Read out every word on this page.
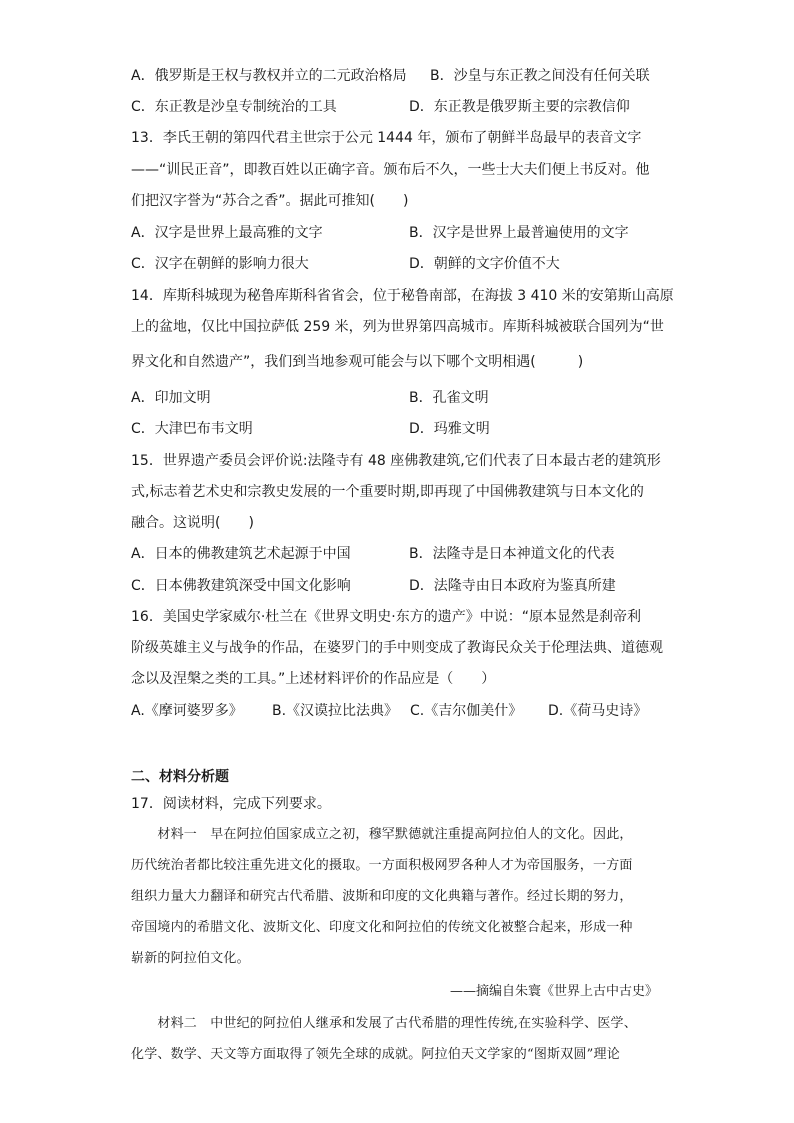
A．俄罗斯是王权与教权并立的二元政治格局 B．沙皇与东正教之间没有任何关联
C．东正教是沙皇专制统治的工具	D．东正教是俄罗斯主要的宗教信仰
13．李氏王朝的第四代君主世宗于公元 1444 年，颁布了朝鲜半岛最早的表音文字
——“训民正音”，即教百姓以正确字音。颁布后不久，一些士大夫们便上书反对。他
们把汉字誉为“苏合之香”。据此可推知(　　)
A．汉字是世界上最高雅的文字	B．汉字是世界上最普遍使用的文字
C．汉字在朝鲜的影响力很大	D．朝鲜的文字价值不大
14．库斯科城现为秘鲁库斯科省省会，位于秘鲁南部，在海拔 3 410 米的安第斯山高原
上的盆地，仅比中国拉萨低 259 米，列为世界第四高城市。库斯科城被联合国列为“世
界文化和自然遗产”，我们到当地参观可能会与以下哪个文明相遇(　　　)
A．印加文明	B．孔雀文明
C．大津巴布韦文明	D．玛雅文明
15．世界遗产委员会评价说:法隆寺有 48 座佛教建筑,它们代表了日本最古老的建筑形
式,标志着艺术史和宗教史发展的一个重要时期,即再现了中国佛教建筑与日本文化的
融合。这说明(　　)
A．日本的佛教建筑艺术起源于中国	B．法隆寺是日本神道文化的代表
C．日本佛教建筑深受中国文化影响	D．法隆寺由日本政府为鉴真所建
16．美国史学家威尔·杜兰在《世界文明史·东方的遗产》中说：“原本显然是刹帝利
阶级英雄主义与战争的作品，在婆罗门的手中则变成了教诲民众关于伦理法典、道德观
念以及涅槃之类的工具。”上述材料评价的作品应是（　　）
A.《摩诃婆罗多》 B.《汉谟拉比法典》 C.《吉尔伽美什》 D.《荷马史诗》
二、材料分析题
17．阅读材料，完成下列要求。
　　材料一　早在阿拉伯国家成立之初，穆罕默德就注重提高阿拉伯人的文化。因此，
历代统治者都比较注重先进文化的摄取。一方面积极网罗各种人才为帝国服务，一方面
组织力量大力翻译和研究古代希腊、波斯和印度的文化典籍与著作。经过长期的努力，
帝国境内的希腊文化、波斯文化、印度文化和阿拉伯的传统文化被整合起来，形成一种
崭新的阿拉伯文化。
——摘编自朱寰《世界上古中古史》
　　材料二　中世纪的阿拉伯人继承和发展了古代希腊的理性传统,在实验科学、医学、
化学、数学、天文等方面取得了领先全球的成就。阿拉伯天文学家的“图斯双圆”理论
